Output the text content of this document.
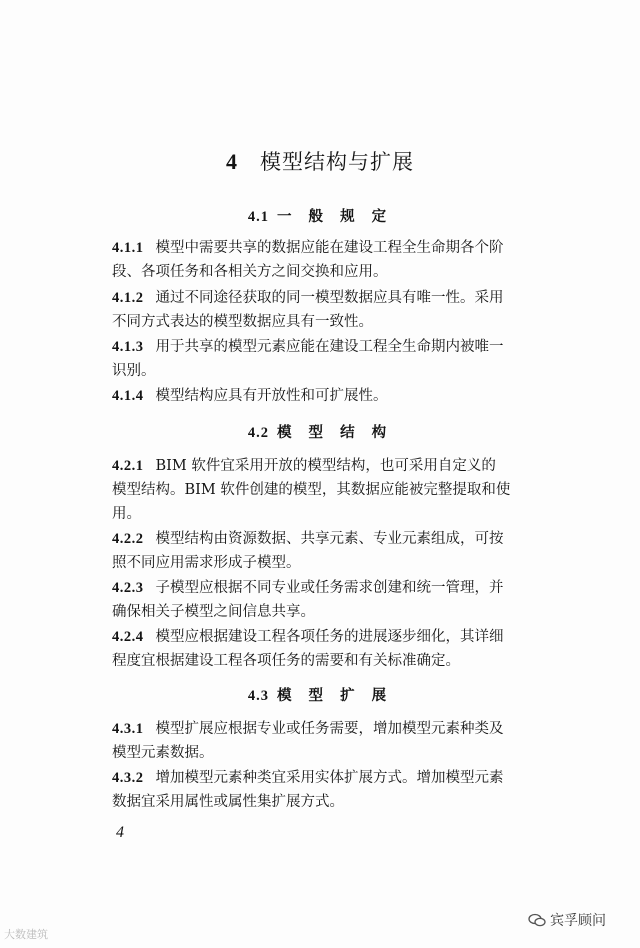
4 模型结构与扩展
4.1 一 般 规 定
4.1.1 模型中需要共享的数据应能在建设工程全生命期各个阶
段、各项任务和各相关方之间交换和应用。
4.1.2 通过不同途径获取的同一模型数据应具有唯一性。采用
不同方式表达的模型数据应具有一致性。
4.1.3 用于共享的模型元素应能在建设工程全生命期内被唯一
识别。
4.1.4 模型结构应具有开放性和可扩展性。
4.2 模 型 结 构
4.2.1 BIM 软件宜采用开放的模型结构，也可采用自定义的
模型结构。BIM 软件创建的模型，其数据应能被完整提取和使
用。
4.2.2 模型结构由资源数据、共享元素、专业元素组成，可按
照不同应用需求形成子模型。
4.2.3 子模型应根据不同专业或任务需求创建和统一管理，并
确保相关子模型之间信息共享。
4.2.4 模型应根据建设工程各项任务的进展逐步细化，其详细
程度宜根据建设工程各项任务的需要和有关标准确定。
4.3 模 型 扩 展
4.3.1 模型扩展应根据专业或任务需要，增加模型元素种类及
模型元素数据。
4.3.2 增加模型元素种类宜采用实体扩展方式。增加模型元素
数据宜采用属性或属性集扩展方式。
4
大数建筑
宾孚顾问
